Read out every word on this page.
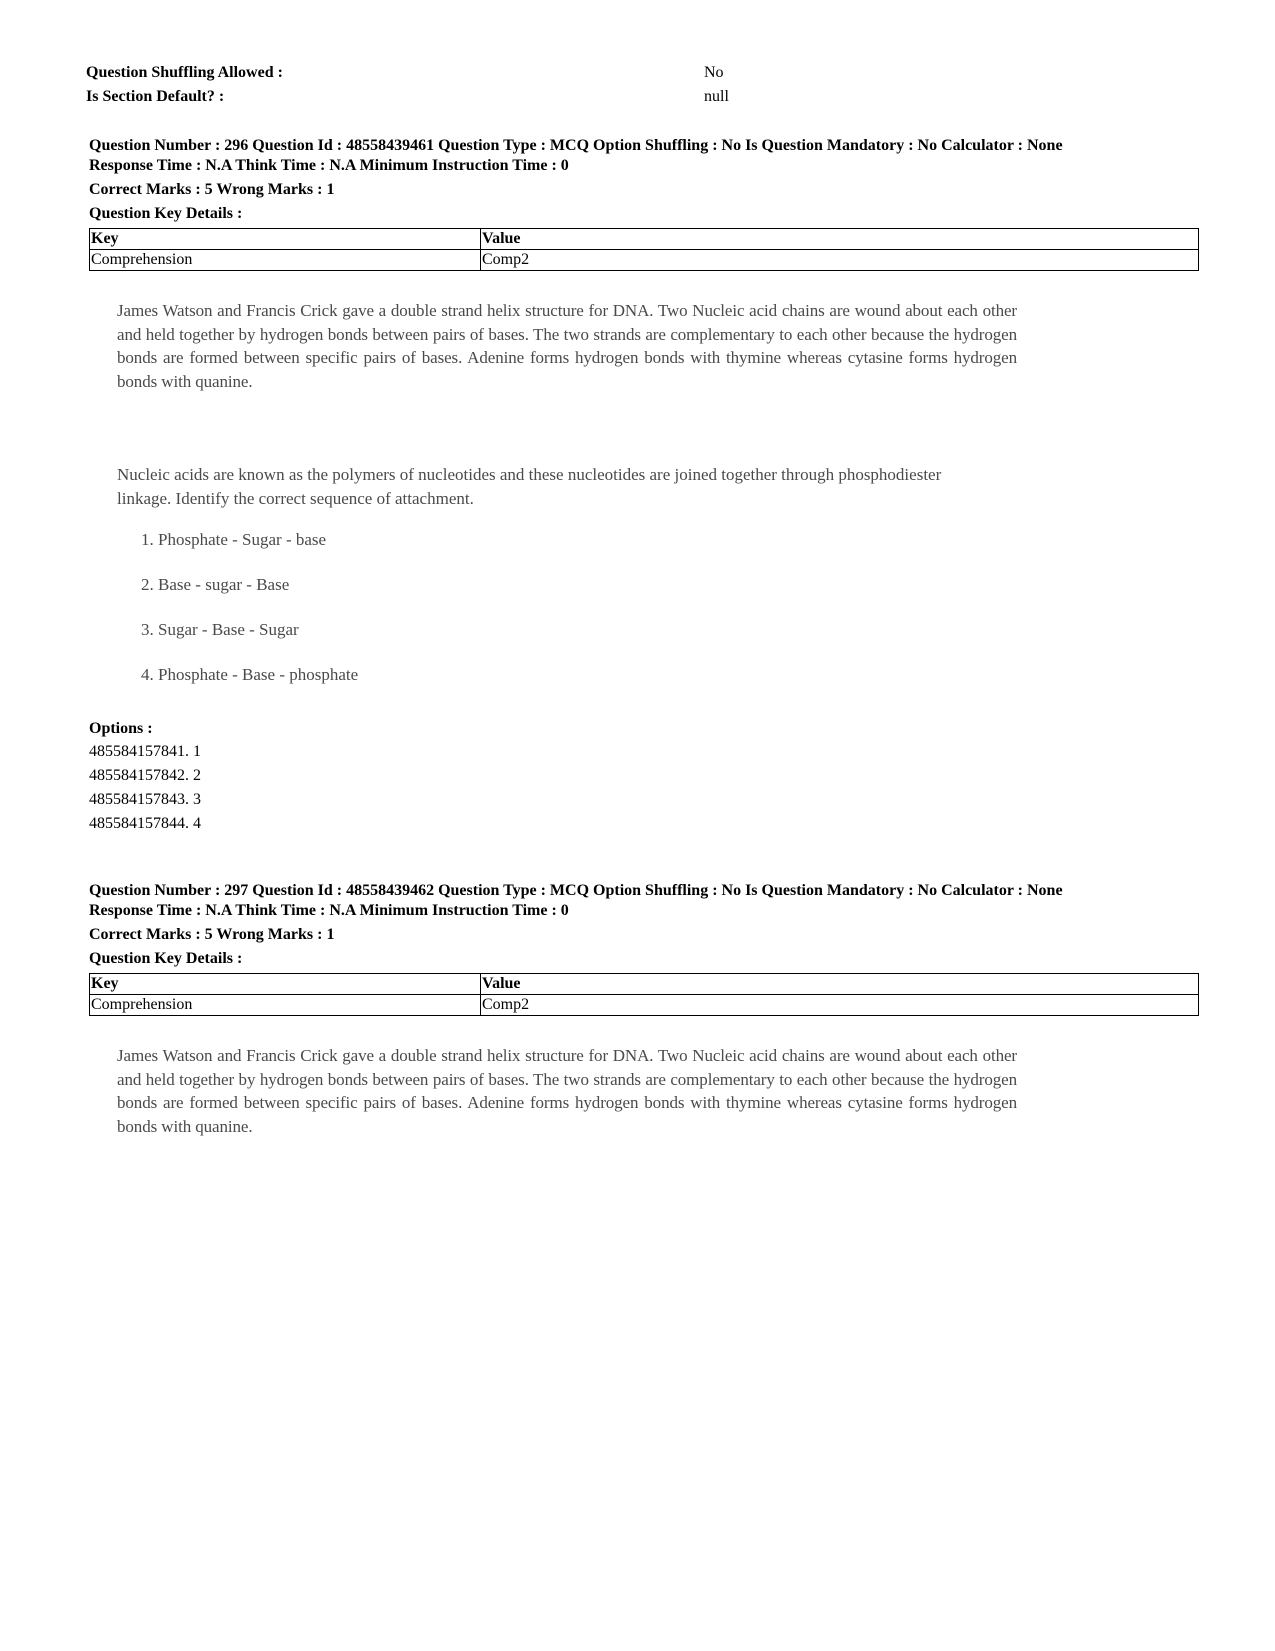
Question Shuffling Allowed :	No
Is Section Default? :	null

Question Number : 296 Question Id : 48558439461 Question Type : MCQ Option Shuffling : No Is Question Mandatory : No Calculator : None
Response Time : N.A Think Time : N.A Minimum Instruction Time : 0

Correct Marks : 5 Wrong Marks : 1
Question Key Details :
Key	Value
Comprehension	Comp2
James Watson and Francis Crick gave a double strand helix structure for DNA. Two Nucleic acid chains are wound about each other and held together by hydrogen bonds between pairs of bases. The two strands are complementary to each other because the hydrogen bonds are formed between specific pairs of bases. Adenine forms hydrogen bonds with thymine whereas cytasine forms hydrogen bonds with quanine.
Nucleic acids are known as the polymers of nucleotides and these nucleotides are joined together through phosphodiester linkage. Identify the correct sequence of attachment.
1. Phosphate - Sugar - base
2. Base - sugar - Base
3. Sugar - Base - Sugar
4. Phosphate - Base - phosphate
Options :
485584157841. 1
485584157842. 2
485584157843. 3
485584157844. 4

Question Number : 297 Question Id : 48558439462 Question Type : MCQ Option Shuffling : No Is Question Mandatory : No Calculator : None
Response Time : N.A Think Time : N.A Minimum Instruction Time : 0

Correct Marks : 5 Wrong Marks : 1
Question Key Details :
Key	Value
Comprehension	Comp2
James Watson and Francis Crick gave a double strand helix structure for DNA. Two Nucleic acid chains are wound about each other and held together by hydrogen bonds between pairs of bases. The two strands are complementary to each other because the hydrogen bonds are formed between specific pairs of bases. Adenine forms hydrogen bonds with thymine whereas cytasine forms hydrogen bonds with quanine.
